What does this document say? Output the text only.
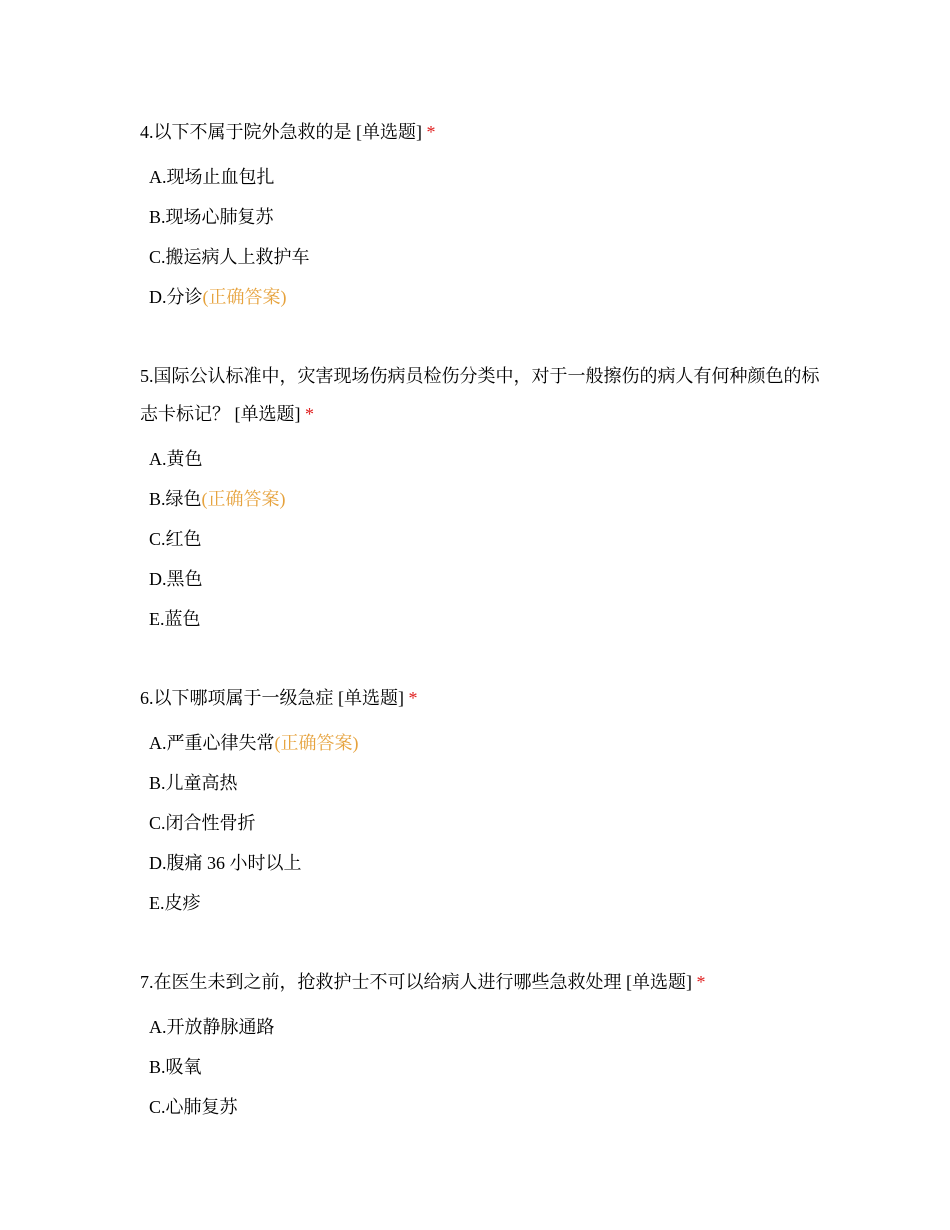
4.以下不属于院外急救的是 [单选题] *

A.现场止血包扎
B.现场心肺复苏
C.搬运病人上救护车
D.分诊(正确答案)

5.国际公认标准中，灾害现场伤病员检伤分类中，对于一般擦伤的病人有何种颜色的标志卡标记？ [单选题] *

A.黄色
B.绿色(正确答案)
C.红色
D.黑色
E.蓝色

6.以下哪项属于一级急症 [单选题] *

A.严重心律失常(正确答案)
B.儿童高热
C.闭合性骨折
D.腹痛 36 小时以上
E.皮疹

7.在医生未到之前，抢救护士不可以给病人进行哪些急救处理 [单选题] *

A.开放静脉通路
B.吸氧
C.心肺复苏
